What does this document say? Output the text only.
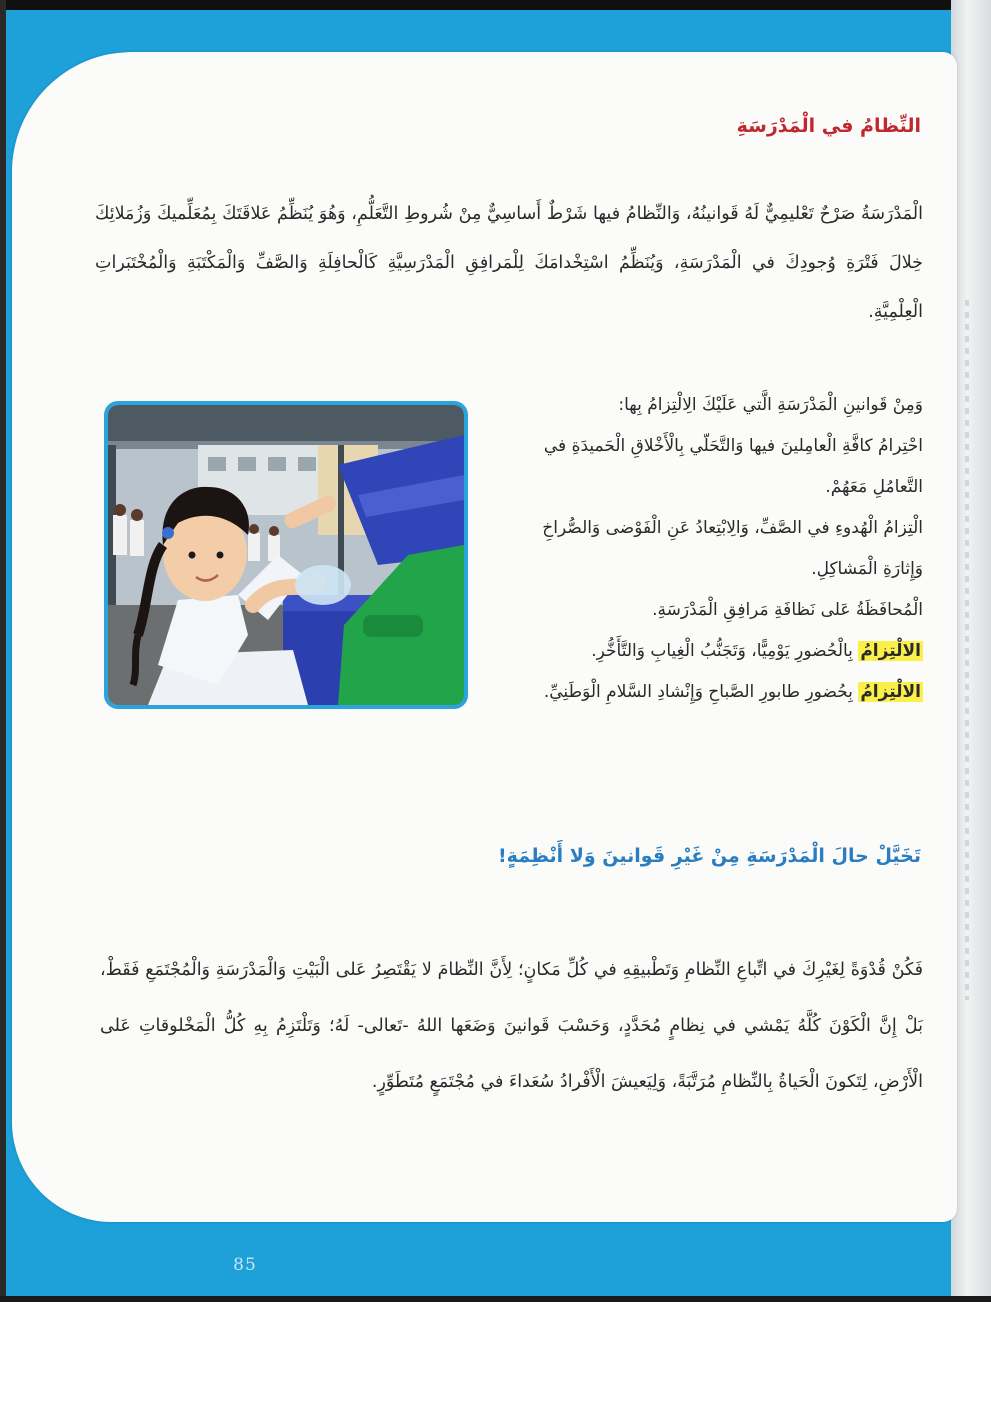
النِّظامُ في الْمَدْرَسَةِ
الْمَدْرَسَةُ صَرْحٌ تَعْليمِيٌّ لَهُ قَوانينُهُ، وَالنِّظامُ فيها شَرْطٌ أَساسِيٌّ مِنْ شُروطِ التَّعَلُّمِ، وَهُوَ يُنَظِّمُ عَلاقَتَكَ بِمُعَلِّميكَ وَزُمَلائِكَ خِلالَ فَتْرَةِ وُجودِكَ في الْمَدْرَسَةِ، وَيُنَظِّمُ اسْتِخْدامَكَ لِلْمَرافِقِ الْمَدْرَسِيَّةِ كَالْحافِلَةِ وَالصَّفِّ وَالْمَكْتَبَةِ وَالْمُخْتَبَراتِ الْعِلْمِيَّةِ.

وَمِنْ قَوانينِ الْمَدْرَسَةِ الَّتي عَلَيْكَ الِالْتِزامُ بِها:

احْتِرامُ كافَّةِ الْعامِلينَ فيها وَالتَّحَلّي بِالْأَخْلاقِ الْحَميدَةِ في التَّعامُلِ مَعَهُمْ.

الْتِزامُ الْهُدوءِ في الصَّفِّ، وَالِابْتِعادُ عَنِ الْفَوْضى وَالصُّراخِ وَإِثارَةِ الْمَشاكِلِ.

الْمُحافَظَةُ عَلى نَظافَةِ مَرافِقِ الْمَدْرَسَةِ.

الالْتِزامُ بِالْحُضورِ يَوْمِيًّا، وَتَجَنُّبُ الْغِيابِ وَالتَّأَخُّرِ.

الالْتِزامُ بِحُضورِ طابورِ الصَّباحِ وَإِنْشادِ السَّلامِ الْوَطَنِيِّ.

تَخَيَّلْ حالَ الْمَدْرَسَةِ مِنْ غَيْرِ قَوانينَ وَلا أَنْظِمَةٍ!
فَكُنْ قُدْوَةً لِغَيْرِكَ في اتِّباعِ النِّظامِ وَتَطْبيقِهِ في كُلِّ مَكانٍ؛ لِأَنَّ النِّظامَ لا يَقْتَصِرُ عَلى الْبَيْتِ وَالْمَدْرَسَةِ وَالْمُجْتَمَعِ فَقَطْ، بَلْ إِنَّ الْكَوْنَ كُلَّهُ يَمْشي في نِظامٍ مُحَدَّدٍ، وَحَسْبَ قَوانينَ وَضَعَها اللهُ -تَعالى- لَهُ؛ وَتَلْتَزِمُ بِهِ كُلُّ الْمَخْلوقاتِ عَلى الْأَرْضِ، لِتَكونَ الْحَياةُ بِالنِّظامِ مُرَتَّبَةً، وَلِيَعيشَ الْأَفْرادُ سُعَداءَ في مُجْتَمَعٍ مُتَطَوِّرٍ.
85
